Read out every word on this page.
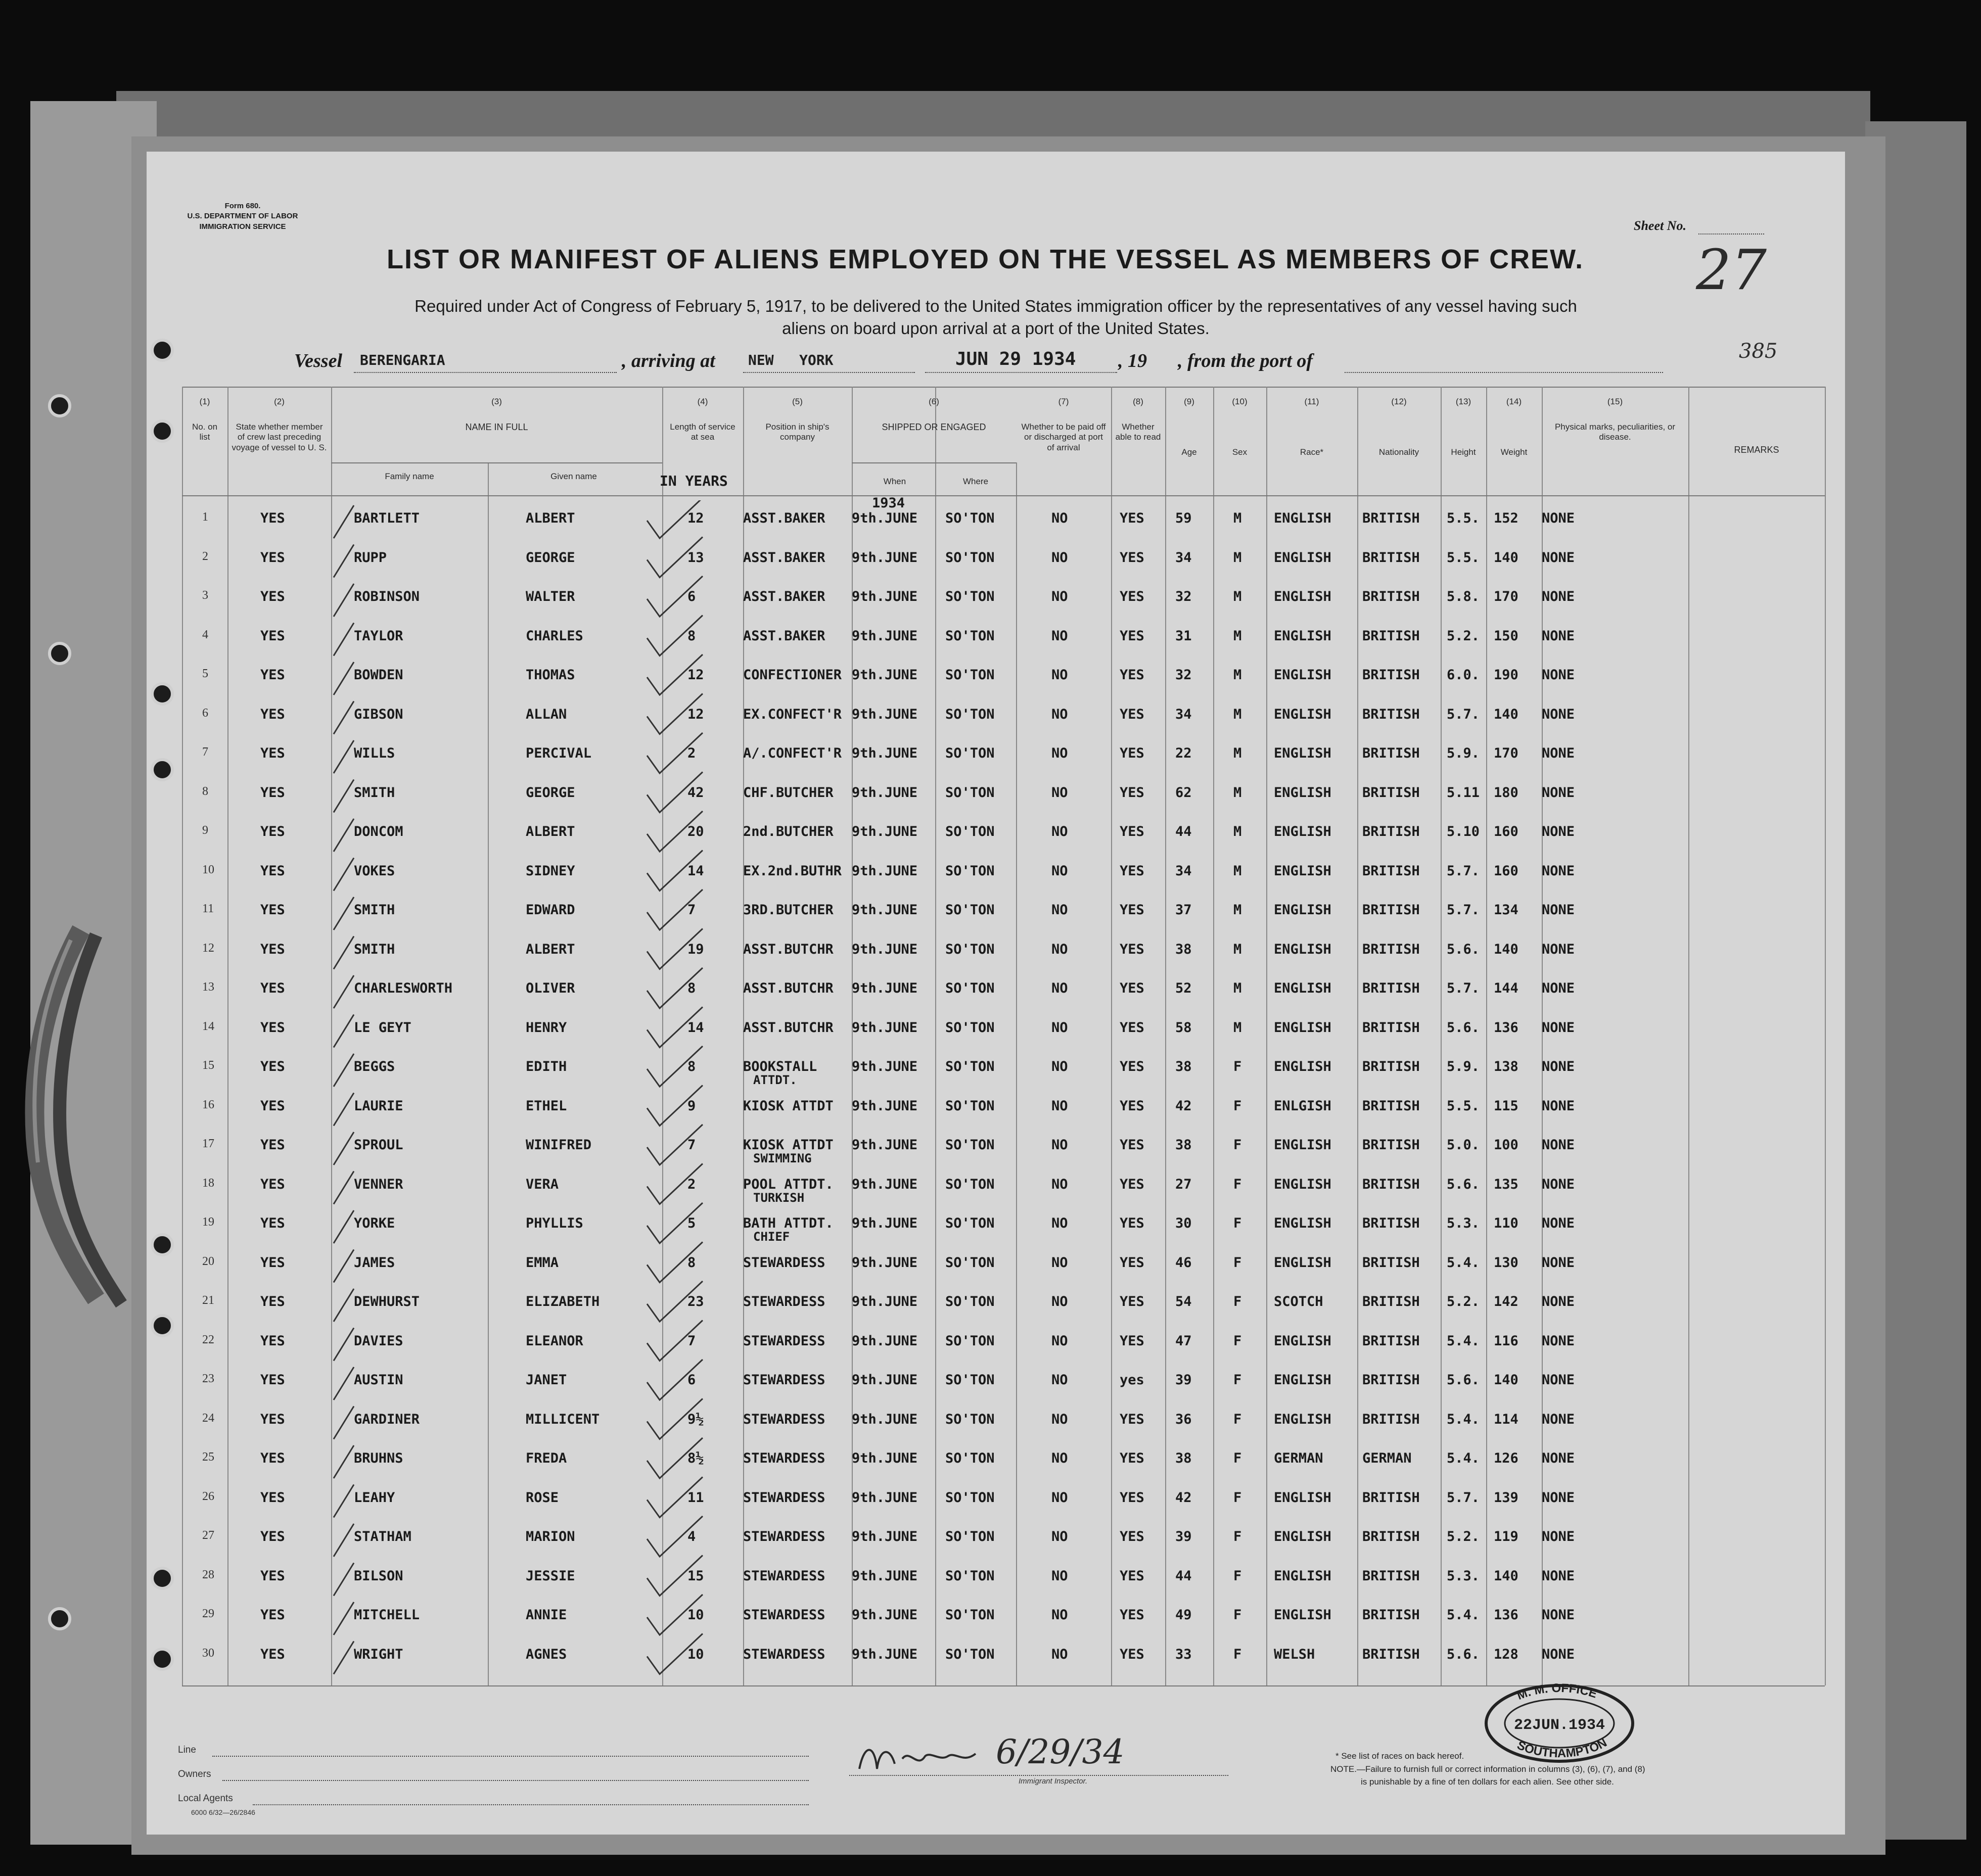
Form 680.
U.S. DEPARTMENT OF LABOR
IMMIGRATION SERVICE	Sheet No.
27
385
LIST OR MANIFEST OF ALIENS EMPLOYED ON THE VESSEL AS MEMBERS OF CREW.
Required under Act of Congress of February 5, 1917, to be delivered to the United States immigration officer by the representatives of any vessel having such
aliens on board upon arrival at a port of the United States.
Vessel BERENGARIA	, arriving at NEW   YORK	JUN 29 1934 , 19 , from the port of
(1)
No. on list
(2)
State whether member of crew last preceding voyage of vessel to U. S.
(3)
NAME IN FULL
(4)
Length of service at sea
(5)
Position in ship's company
(6)
SHIPPED OR ENGAGED
(7)
Whether to be paid off or discharged at port of arrival
(8)
Whether able to read
(9)
Age
(10)
Sex
(11)
Race*
(12)
Nationality
(13)
Height
(14)
Weight
(15)
Physical marks, peculiarities, or disease.
REMARKS
Family name	Given name
When	Where
IN YEARS
1934
1	YES	BARTLETT	ALBERT	12	ASST.BAKER 9th.JUNE SO'TON	NO	YES 59	M ENGLISH BRITISH 5.5. 152 NONE
2	YES	RUPP	GEORGE	13	ASST.BAKER 9th.JUNE SO'TON	NO	YES 34	M ENGLISH BRITISH 5.5. 140 NONE
3	YES	ROBINSON	WALTER	6	ASST.BAKER 9th.JUNE SO'TON	NO	YES 32	M ENGLISH BRITISH 5.8. 170 NONE
4	YES	TAYLOR	CHARLES	8	ASST.BAKER 9th.JUNE SO'TON	NO	YES 31	M ENGLISH BRITISH 5.2. 150 NONE
5	YES	BOWDEN	THOMAS	12	CONFECTIONER 9th.JUNE SO'TON	NO	YES 32	M ENGLISH BRITISH 6.0. 190 NONE
6	YES	GIBSON	ALLAN	12	EX.CONFECT'R 9th.JUNE SO'TON	NO	YES 34	M ENGLISH BRITISH 5.7. 140 NONE
7	YES	WILLS	PERCIVAL	2	A/.CONFECT'R 9th.JUNE SO'TON	NO	YES 22	M ENGLISH BRITISH 5.9. 170 NONE
8	YES	SMITH	GEORGE	42	CHF.BUTCHER 9th.JUNE SO'TON	NO	YES 62	M ENGLISH BRITISH 5.11 180 NONE
9	YES	DONCOM	ALBERT	20	2nd.BUTCHER 9th.JUNE SO'TON	NO	YES 44	M ENGLISH BRITISH 5.10 160 NONE
10	YES	VOKES	SIDNEY	14	EX.2nd.BUTHR 9th.JUNE SO'TON	NO	YES 34	M ENGLISH BRITISH 5.7. 160 NONE
11	YES	SMITH	EDWARD	7	3RD.BUTCHER 9th.JUNE SO'TON	NO	YES 37	M ENGLISH BRITISH 5.7. 134 NONE
12	YES	SMITH	ALBERT	19	ASST.BUTCHR 9th.JUNE SO'TON	NO	YES 38	M ENGLISH BRITISH 5.6. 140 NONE
13	YES	CHARLESWORTH	OLIVER	8	ASST.BUTCHR 9th.JUNE SO'TON	NO	YES 52	M ENGLISH BRITISH 5.7. 144 NONE
14	YES	LE GEYT	HENRY	14	ASST.BUTCHR 9th.JUNE SO'TON	NO	YES 58	M ENGLISH BRITISH 5.6. 136 NONE
15	YES	BEGGS	EDITH	8	BOOKSTALL	9th.JUNE SO'TON	NO	YES 38	F ENGLISH BRITISH 5.9. 138 NONE
ATTDT.
16	YES	LAURIE	ETHEL	9	KIOSK ATTDT 9th.JUNE SO'TON	NO	YES 42	F ENLGISH BRITISH 5.5. 115 NONE
17	YES	SPROUL	WINIFRED	7	KIOSK ATTDT 9th.JUNE SO'TON	NO	YES 38	F ENGLISH BRITISH 5.0. 100 NONE
SWIMMING
18	YES	VENNER	VERA	2	POOL ATTDT. 9th.JUNE SO'TON	NO	YES 27	F ENGLISH BRITISH 5.6. 135 NONE
TURKISH
19	YES	YORKE	PHYLLIS	5	BATH ATTDT. 9th.JUNE SO'TON	NO	YES 30	F ENGLISH BRITISH 5.3. 110 NONE
CHIEF
20	YES	JAMES	EMMA	8	STEWARDESS 9th.JUNE SO'TON	NO	YES 46	F ENGLISH BRITISH 5.4. 130 NONE
21	YES	DEWHURST	ELIZABETH	23	STEWARDESS 9th.JUNE SO'TON	NO	YES 54	F SCOTCH	BRITISH 5.2. 142 NONE
22	YES	DAVIES	ELEANOR	7	STEWARDESS 9th.JUNE SO'TON	NO	YES 47	F ENGLISH BRITISH 5.4. 116 NONE
23	YES	AUSTIN	JANET	6	STEWARDESS 9th.JUNE SO'TON	NO	yes 39	F ENGLISH BRITISH 5.6. 140 NONE
24	YES	GARDINER	MILLICENT	9½	STEWARDESS 9th.JUNE SO'TON	NO	YES 36	F ENGLISH BRITISH 5.4. 114 NONE
25	YES	BRUHNS	FREDA	8½	STEWARDESS 9th.JUNE SO'TON	NO	YES 38	F GERMAN	GERMAN	5.4. 126 NONE
26	YES	LEAHY	ROSE	11	STEWARDESS 9th.JUNE SO'TON	NO	YES 42	F ENGLISH BRITISH 5.7. 139 NONE
27	YES	STATHAM	MARION	4	STEWARDESS 9th.JUNE SO'TON	NO	YES 39	F ENGLISH BRITISH 5.2. 119 NONE
28	YES	BILSON	JESSIE	15	STEWARDESS 9th.JUNE SO'TON	NO	YES 44	F ENGLISH BRITISH 5.3. 140 NONE
29	YES	MITCHELL	ANNIE	10	STEWARDESS 9th.JUNE SO'TON	NO	YES 49	F ENGLISH BRITISH 5.4. 136 NONE
30	YES	WRIGHT	AGNES	10	STEWARDESS 9th.JUNE SO'TON	NO	YES 33	F WELSH	BRITISH 5.6. 128 NONE
Line
Owners
Local Agents
6000 6/32—26/2846
6/29/34
Immigrant Inspector.
* See list of races on back hereof.
NOTE.—Failure to furnish full or correct information in columns (3), (6), (7), and (8)
is punishable by a fine of ten dollars for each alien. See other side.
M. M. OFFICE
SOUTHAMPTON
22JUN.1934
